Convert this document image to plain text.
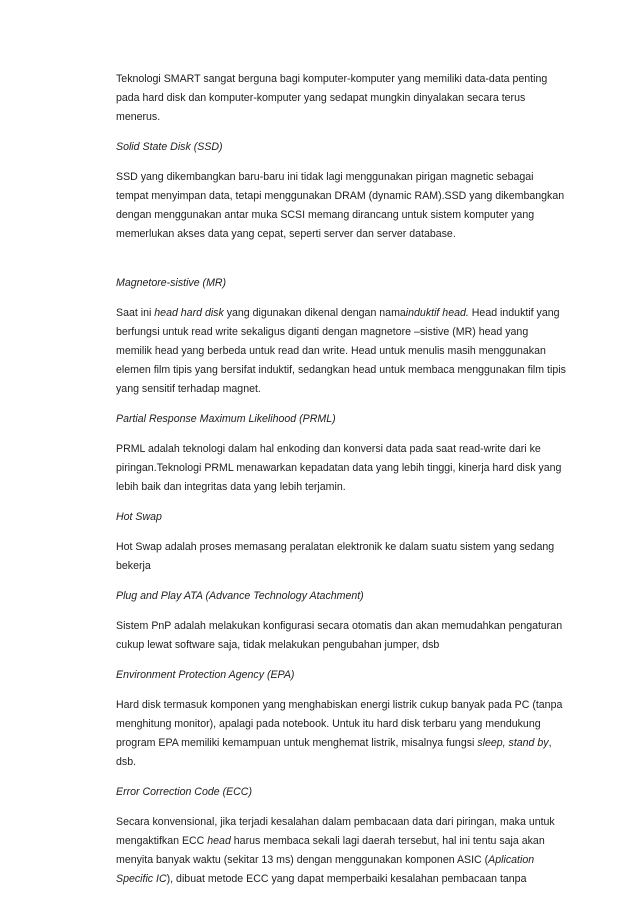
Teknologi SMART sangat berguna bagi komputer-komputer yang memiliki data-data penting pada hard disk dan komputer-komputer yang sedapat mungkin dinyalakan secara terus menerus.

Solid State Disk (SSD)

SSD yang dikembangkan baru-baru ini tidak lagi menggunakan pirigan magnetic sebagai tempat menyimpan data, tetapi menggunakan DRAM (dynamic RAM).SSD yang dikembangkan dengan menggunakan antar muka SCSI memang dirancang untuk sistem komputer yang memerlukan akses data yang cepat, seperti server dan server database.

Magnetore-sistive (MR)

Saat ini head hard disk yang digunakan dikenal dengan namainduktif head. Head induktif yang berfungsi untuk read write sekaligus diganti dengan magnetore –sistive (MR) head yang memilik head yang berbeda untuk read dan write. Head untuk menulis masih menggunakan elemen film tipis yang bersifat induktif, sedangkan head untuk membaca menggunakan film tipis yang sensitif terhadap magnet.

Partial Response Maximum Likelihood (PRML)

PRML adalah teknologi dalam hal enkoding dan konversi data pada saat read-write dari ke piringan.Teknologi PRML menawarkan kepadatan data yang lebih tinggi, kinerja hard disk yang lebih baik dan integritas data yang lebih terjamin.

Hot Swap

Hot Swap adalah proses memasang peralatan elektronik ke dalam suatu sistem yang sedang bekerja

Plug and Play ATA (Advance Technology Atachment)

Sistem PnP adalah melakukan konfigurasi secara otomatis dan akan memudahkan pengaturan cukup lewat software saja, tidak melakukan pengubahan jumper, dsb

Environment Protection Agency (EPA)

Hard disk termasuk komponen yang menghabiskan energi listrik cukup banyak pada PC (tanpa menghitung monitor), apalagi pada notebook. Untuk itu hard disk terbaru yang mendukung program EPA memiliki kemampuan untuk menghemat listrik, misalnya fungsi sleep, stand by, dsb.

Error Correction Code (ECC)

Secara konvensional, jika terjadi kesalahan dalam pembacaan data dari piringan, maka untuk mengaktifkan ECC head harus membaca sekali lagi daerah tersebut, hal ini tentu saja akan menyita banyak waktu (sekitar 13 ms) dengan menggunakan komponen ASIC (Aplication Specific IC), dibuat metode ECC yang dapat memperbaiki kesalahan pembacaan tanpa
